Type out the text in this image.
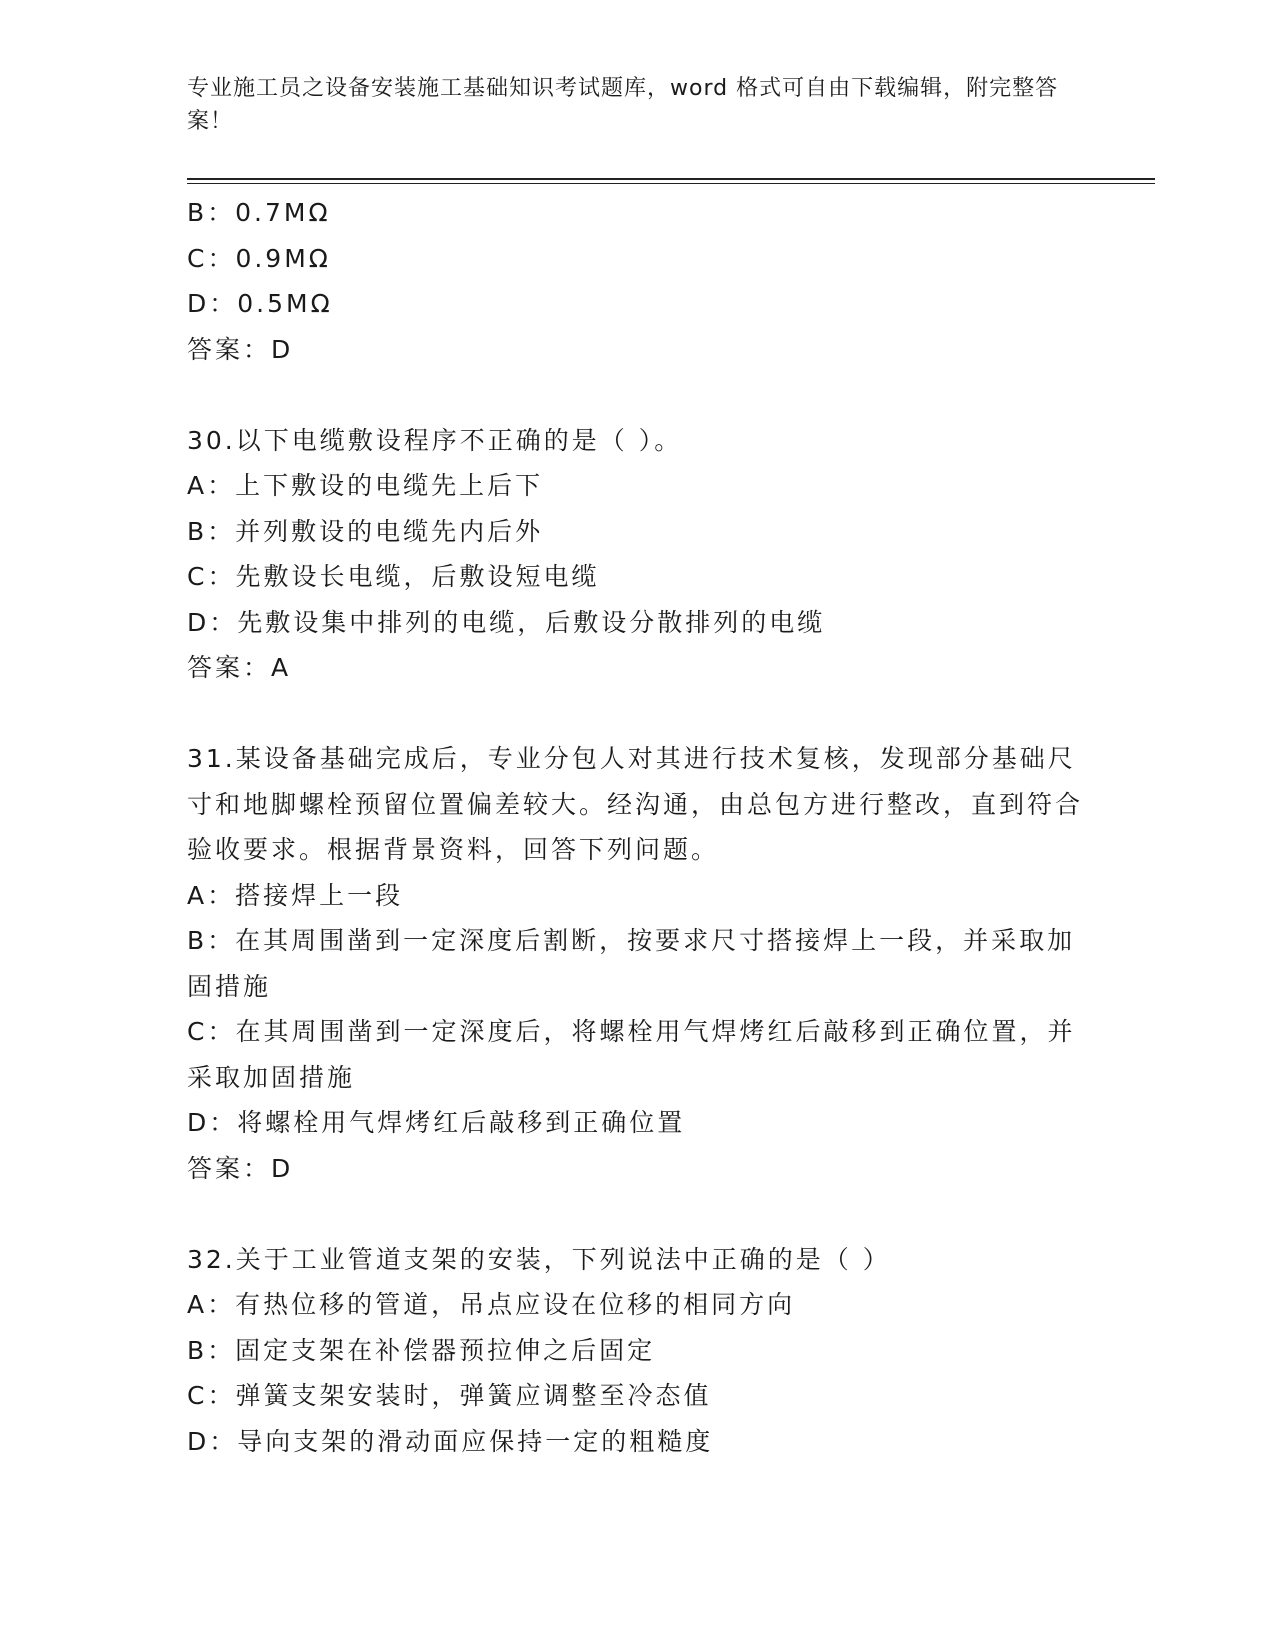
专业施工员之设备安装施工基础知识考试题库，word 格式可自由下载编辑，附完整答案！
B：0.7MΩ
C：0.9MΩ
D：0.5MΩ
答案：D
30.以下电缆敷设程序不正确的是（ ）。
A：上下敷设的电缆先上后下
B：并列敷设的电缆先内后外
C：先敷设长电缆，后敷设短电缆
D：先敷设集中排列的电缆，后敷设分散排列的电缆
答案：A
31.某设备基础完成后，专业分包人对其进行技术复核，发现部分基础尺寸和地脚螺栓预留位置偏差较大。经沟通，由总包方进行整改，直到符合验收要求。根据背景资料，回答下列问题。
A：搭接焊上一段
B：在其周围凿到一定深度后割断，按要求尺寸搭接焊上一段，并采取加固措施
C：在其周围凿到一定深度后，将螺栓用气焊烤红后敲移到正确位置，并采取加固措施
D：将螺栓用气焊烤红后敲移到正确位置
答案：D
32.关于工业管道支架的安装，下列说法中正确的是（ ）
A：有热位移的管道，吊点应设在位移的相同方向
B：固定支架在补偿器预拉伸之后固定
C：弹簧支架安装时，弹簧应调整至冷态值
D：导向支架的滑动面应保持一定的粗糙度
